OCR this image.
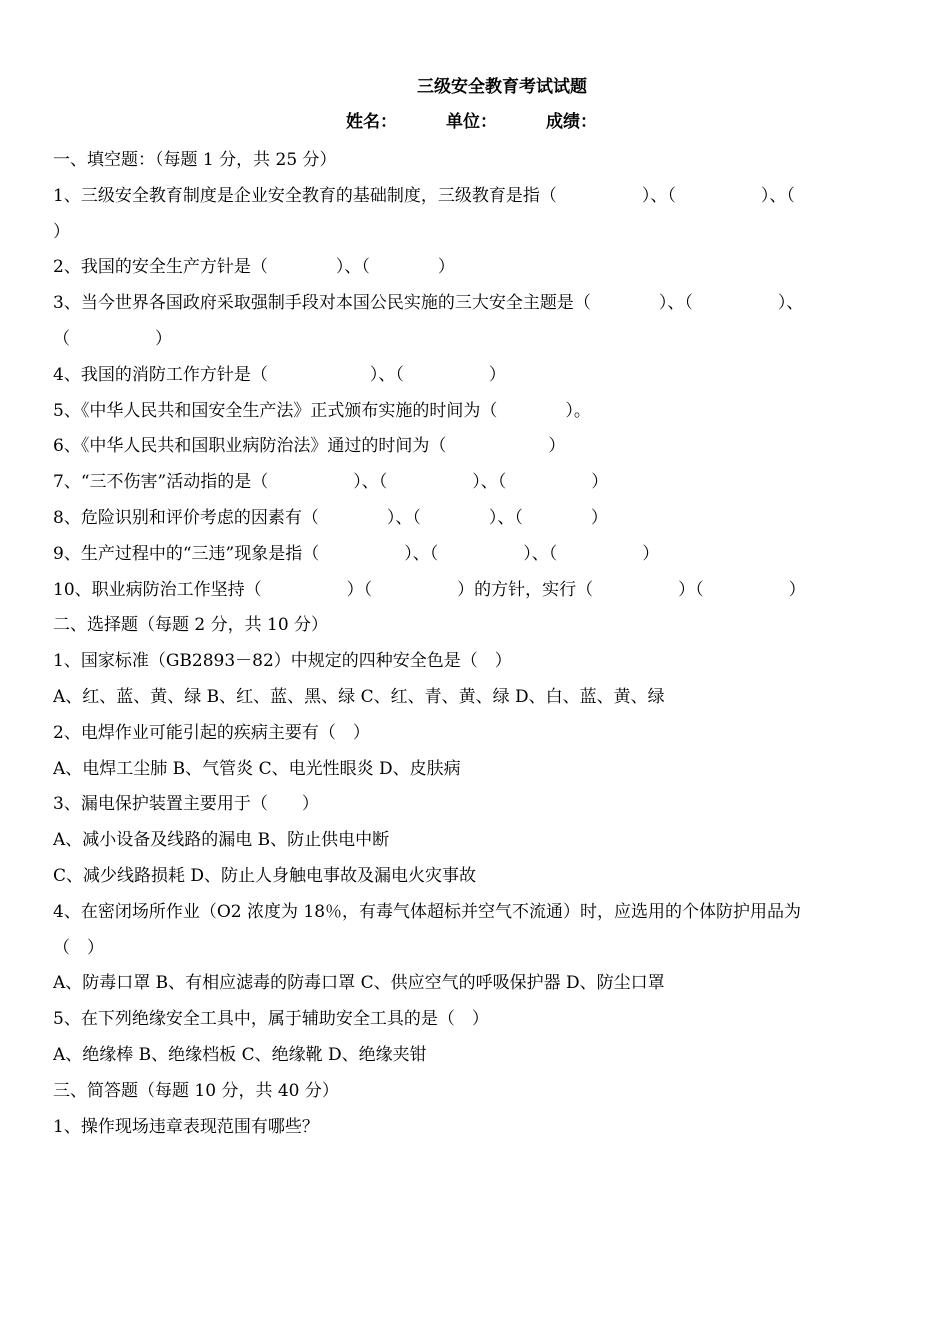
三级安全教育考试试题
姓名：	单位：	成绩：
一、填空题：（每题 1 分，共 25 分）
1、三级安全教育制度是企业安全教育的基础制度，三级教育是指（　　　　　）、（　　　　　）、（
）
2、我国的安全生产方针是（　　　　）、（　　　　）
3、当今世界各国政府采取强制手段对本国公民实施的三大安全主题是（　　　　）、（　　　　　）、
（　　　　　）
4、我国的消防工作方针是（　　　　　　）、（　　　　　）
5、《中华人民共和国安全生产法》正式颁布实施的时间为（　　　　）。
6、《中华人民共和国职业病防治法》通过的时间为（　　　　　　）
7、“三不伤害”活动指的是（　　　　　）、（　　　　　）、（　　　　　）
8、危险识别和评价考虑的因素有（　　　　）、（　　　　）、（　　　　）
9、生产过程中的“三违”现象是指（　　　　　）、（　　　　　）、（　　　　　）
10、职业病防治工作坚持（　　　　　）（　　　　　）的方针，实行（　　　　　）（　　　　　）
二、选择题（每题 2 分，共 10 分）
1、国家标准（GB2893－82）中规定的四种安全色是（　）
A、红、蓝、黄、绿 B、红、蓝、黑、绿 C、红、青、黄、绿 D、白、蓝、黄、绿
2、电焊作业可能引起的疾病主要有（　）
A、电焊工尘肺 B、气管炎 C、电光性眼炎 D、皮肤病
3、漏电保护装置主要用于（　　）
A、减小设备及线路的漏电 B、防止供电中断
C、减少线路损耗 D、防止人身触电事故及漏电火灾事故
4、在密闭场所作业（O2 浓度为 18％，有毒气体超标并空气不流通）时，应选用的个体防护用品为
（　）
A、防毒口罩 B、有相应滤毒的防毒口罩 C、供应空气的呼吸保护器 D、防尘口罩
5、在下列绝缘安全工具中，属于辅助安全工具的是（　）
A、绝缘棒 B、绝缘档板 C、绝缘靴 D、绝缘夹钳
三、简答题（每题 10 分，共 40 分）
1、操作现场违章表现范围有哪些？
